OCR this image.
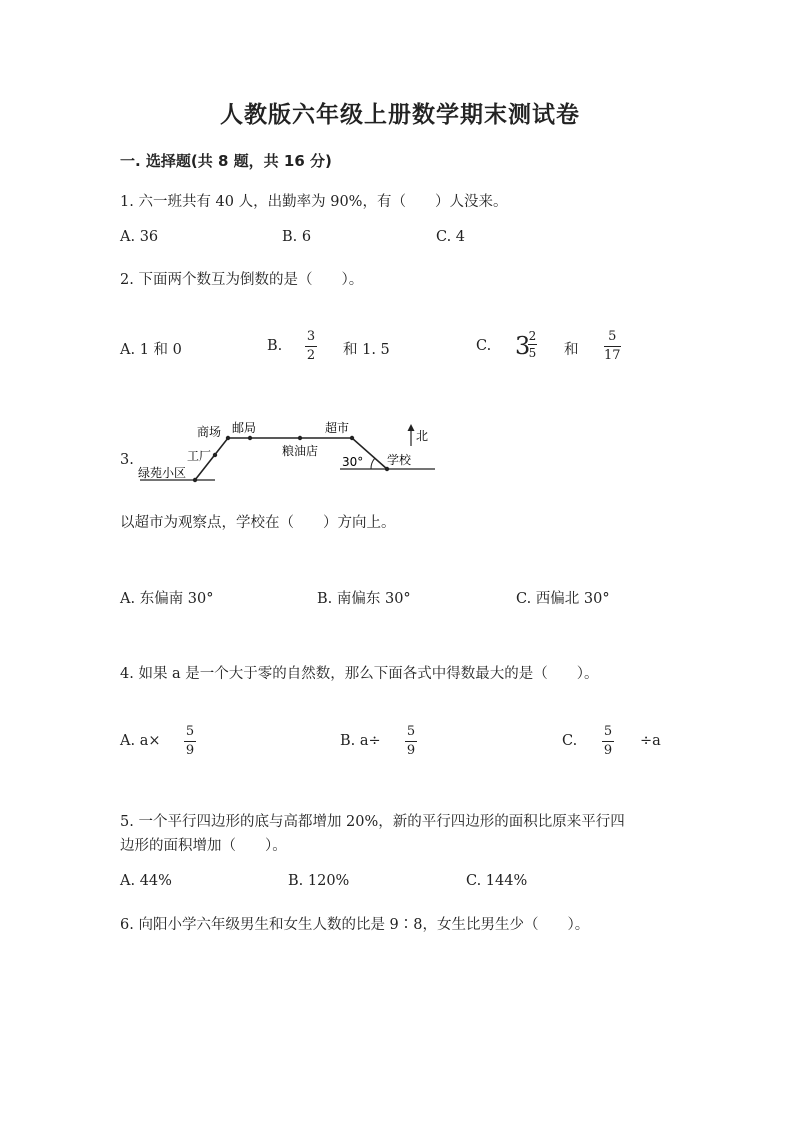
人教版六年级上册数学期末测试卷
一. 选择题(共 8 题，共 16 分)
1. 六一班共有 40 人，出勤率为 90%，有（　　）人没来。
A. 36	B. 6	C. 4
2. 下面两个数互为倒数的是（　　）。
A. 1 和 0	B.
3
2 和 1. 5	C. 3
2
5 和
5
17
3.
商场 邮局	超市
北
工厂	粮油店
30° 学校
绿苑小区
以超市为观察点，学校在（　　）方向上。
A. 东偏南 30°	B. 南偏东 30°	C. 西偏北 30°
4. 如果 a 是一个大于零的自然数，那么下面各式中得数最大的是（　　）。
A. a×
5
9
B. a÷
5
9
C.
5
9
÷a
5. 一个平行四边形的底与高都增加 20%，新的平行四边形的面积比原来平行四
边形的面积增加（　　）。
A. 44%	B. 120%	C. 144%
6. 向阳小学六年级男生和女生人数的比是 9∶8，女生比男生少（　　）。
